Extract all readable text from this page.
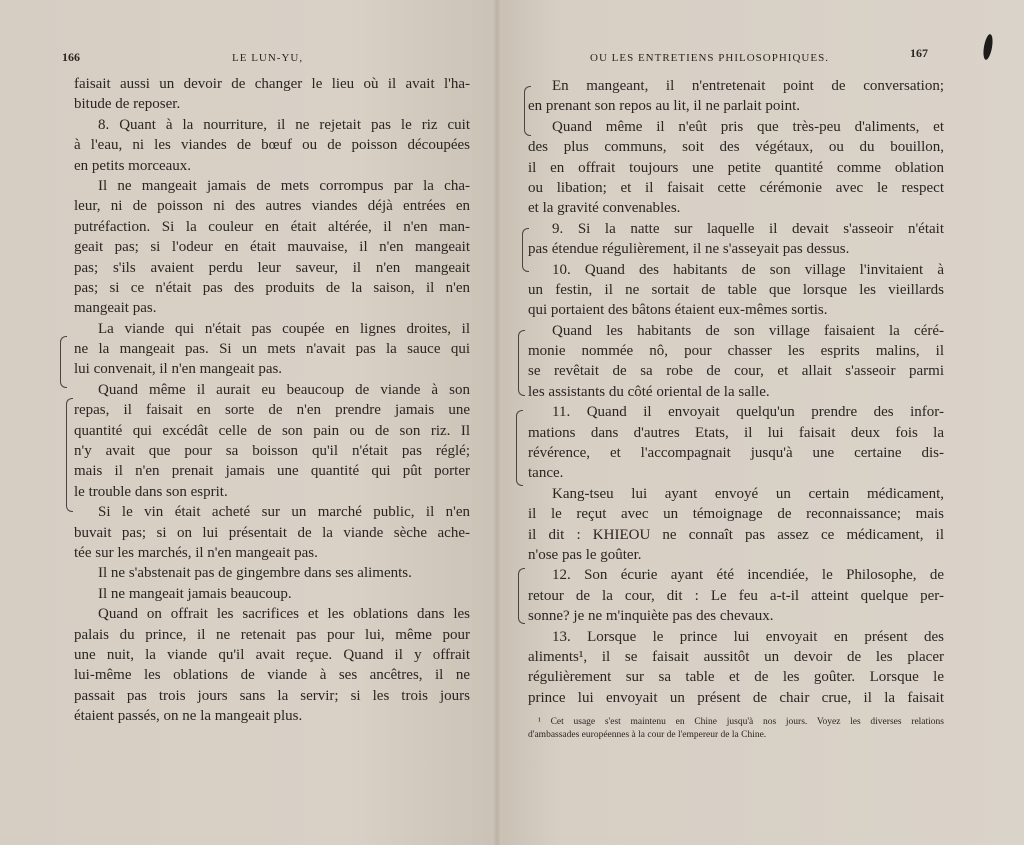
166	LE LUN-YU,
faisait aussi un devoir de changer le lieu où il avait l'ha-
bitude de reposer.
8. Quant à la nourriture, il ne rejetait pas le riz cuit
à l'eau, ni les viandes de bœuf ou de poisson découpées
en petits morceaux.
Il ne mangeait jamais de mets corrompus par la cha-
leur, ni de poisson ni des autres viandes déjà entrées en
putréfaction. Si la couleur en était altérée, il n'en man-
geait pas; si l'odeur en était mauvaise, il n'en mangeait
pas; s'ils avaient perdu leur saveur, il n'en mangeait
pas; si ce n'était pas des produits de la saison, il n'en
mangeait pas.
La viande qui n'était pas coupée en lignes droites, il
ne la mangeait pas. Si un mets n'avait pas la sauce qui
lui convenait, il n'en mangeait pas.
Quand même il aurait eu beaucoup de viande à son
repas, il faisait en sorte de n'en prendre jamais une
quantité qui excédât celle de son pain ou de son riz. Il
n'y avait que pour sa boisson qu'il n'était pas réglé;
mais il n'en prenait jamais une quantité qui pût porter
le trouble dans son esprit.
Si le vin était acheté sur un marché public, il n'en
buvait pas; si on lui présentait de la viande sèche ache-
tée sur les marchés, il n'en mangeait pas.
Il ne s'abstenait pas de gingembre dans ses aliments.
Il ne mangeait jamais beaucoup.
Quand on offrait les sacrifices et les oblations dans les
palais du prince, il ne retenait pas pour lui, même pour
une nuit, la viande qu'il avait reçue. Quand il y offrait
lui-même les oblations de viande à ses ancêtres, il ne
passait pas trois jours sans la servir; si les trois jours
étaient passés, on ne la mangeait plus.
OU LES ENTRETIENS PHILOSOPHIQUES.	167
En mangeant, il n'entretenait point de conversation;
en prenant son repos au lit, il ne parlait point.
Quand même il n'eût pris que très-peu d'aliments, et
des plus communs, soit des végétaux, ou du bouillon,
il en offrait toujours une petite quantité comme oblation
ou libation; et il faisait cette cérémonie avec le respect
et la gravité convenables.
9. Si la natte sur laquelle il devait s'asseoir n'était
pas étendue régulièrement, il ne s'asseyait pas dessus.
10. Quand des habitants de son village l'invitaient à
un festin, il ne sortait de table que lorsque les vieillards
qui portaient des bâtons étaient eux-mêmes sortis.
Quand les habitants de son village faisaient la céré-
monie nommée nô, pour chasser les esprits malins, il
se revêtait de sa robe de cour, et allait s'asseoir parmi
les assistants du côté oriental de la salle.
11. Quand il envoyait quelqu'un prendre des infor-
mations dans d'autres Etats, il lui faisait deux fois la
révérence, et l'accompagnait jusqu'à une certaine dis-
tance.
Kang-tseu lui ayant envoyé un certain médicament,
il le reçut avec un témoignage de reconnaissance; mais
il dit : KHIEOU ne connaît pas assez ce médicament, il
n'ose pas le goûter.
12. Son écurie ayant été incendiée, le Philosophe, de
retour de la cour, dit : Le feu a-t-il atteint quelque per-
sonne? je ne m'inquiète pas des chevaux.
13. Lorsque le prince lui envoyait en présent des
aliments¹, il se faisait aussitôt un devoir de les placer
régulièrement sur sa table et de les goûter. Lorsque le
prince lui envoyait un présent de chair crue, il la faisait
¹ Cet usage s'est maintenu en Chine jusqu'à nos jours. Voyez les diverses relations
d'ambassades européennes à la cour de l'empereur de la Chine.
